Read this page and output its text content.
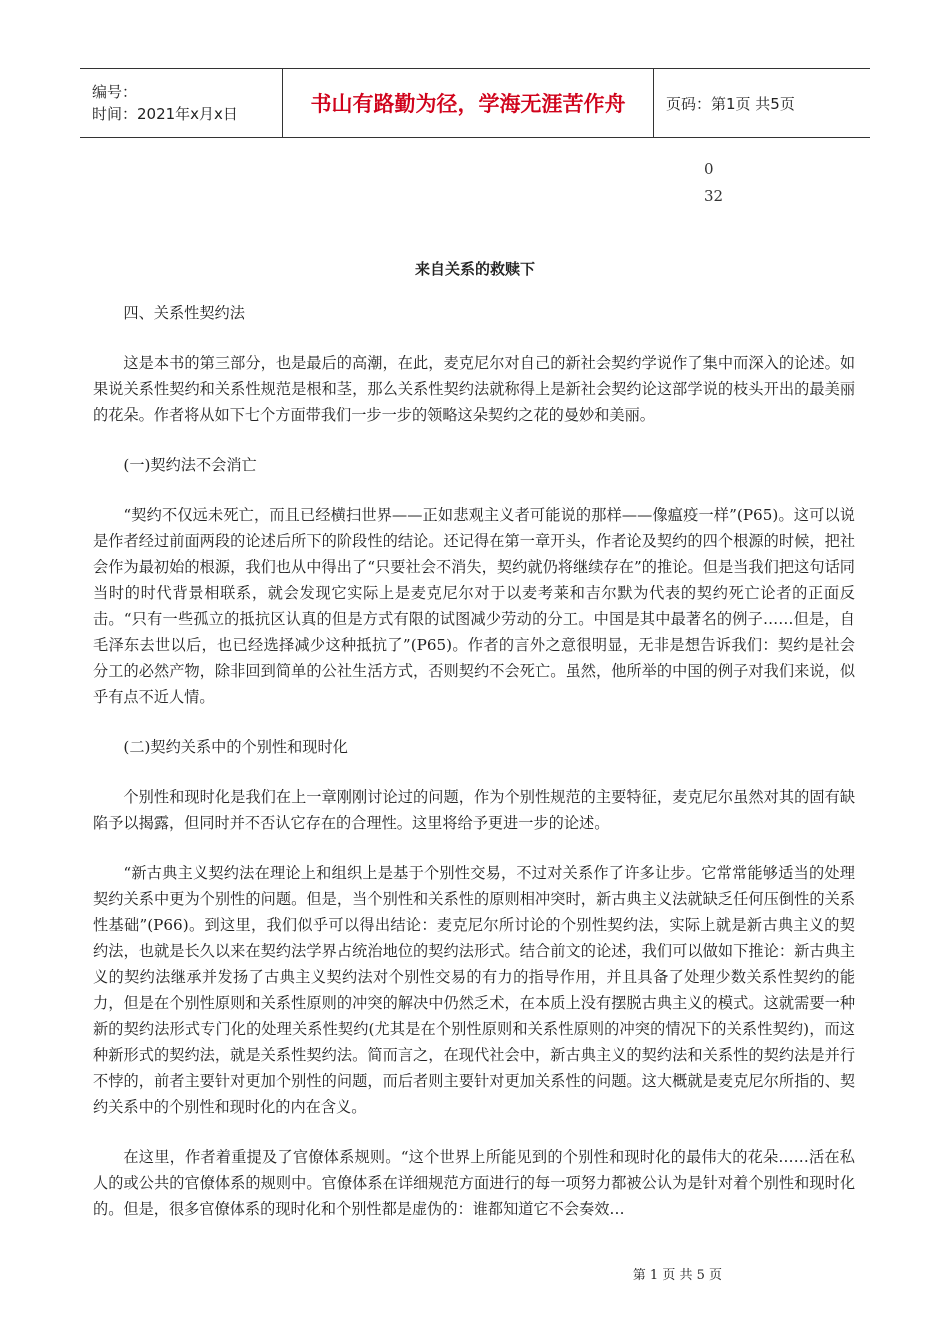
编号：
时间：2021年x月x日	书山有路勤为径，学海无涯苦作舟	页码：第1页 共5页
0
32
来自关系的救赎下

四、关系性契约法

这是本书的第三部分，也是最后的高潮，在此，麦克尼尔对自己的新社会契约学说作了集中而深入的论述。如果说关系性契约和关系性规范是根和茎，那么关系性契约法就称得上是新社会契约论这部学说的枝头开出的最美丽的花朵。作者将从如下七个方面带我们一步一步的领略这朵契约之花的曼妙和美丽。

(一)契约法不会消亡

“契约不仅远未死亡，而且已经横扫世界——正如悲观主义者可能说的那样——像瘟疫一样”(P65)。这可以说是作者经过前面两段的论述后所下的阶段性的结论。还记得在第一章开头，作者论及契约的四个根源的时候，把社会作为最初始的根源，我们也从中得出了“只要社会不消失，契约就仍将继续存在”的推论。但是当我们把这句话同当时的时代背景相联系，就会发现它实际上是麦克尼尔对于以麦考莱和吉尔默为代表的契约死亡论者的正面反击。“只有一些孤立的抵抗区认真的但是方式有限的试图减少劳动的分工。中国是其中最著名的例子……但是，自毛泽东去世以后，也已经选择减少这种抵抗了”(P65)。作者的言外之意很明显，无非是想告诉我们：契约是社会分工的必然产物，除非回到简单的公社生活方式，否则契约不会死亡。虽然，他所举的中国的例子对我们来说，似乎有点不近人情。

(二)契约关系中的个别性和现时化

个别性和现时化是我们在上一章刚刚讨论过的问题，作为个别性规范的主要特征，麦克尼尔虽然对其的固有缺陷予以揭露，但同时并不否认它存在的合理性。这里将给予更进一步的论述。

“新古典主义契约法在理论上和组织上是基于个别性交易，不过对关系作了许多让步。它常常能够适当的处理契约关系中更为个别性的问题。但是，当个别性和关系性的原则相冲突时，新古典主义法就缺乏任何压倒性的关系性基础”(P66)。到这里，我们似乎可以得出结论：麦克尼尔所讨论的个别性契约法，实际上就是新古典主义的契约法，也就是长久以来在契约法学界占统治地位的契约法形式。结合前文的论述，我们可以做如下推论：新古典主义的契约法继承并发扬了古典主义契约法对个别性交易的有力的指导作用，并且具备了处理少数关系性契约的能力，但是在个别性原则和关系性原则的冲突的解决中仍然乏术，在本质上没有摆脱古典主义的模式。这就需要一种新的契约法形式专门化的处理关系性契约(尤其是在个别性原则和关系性原则的冲突的情况下的关系性契约)，而这种新形式的契约法，就是关系性契约法。简而言之，在现代社会中，新古典主义的契约法和关系性的契约法是并行不悖的，前者主要针对更加个别性的问题，而后者则主要针对更加关系性的问题。这大概就是麦克尼尔所指的、契约关系中的个别性和现时化的内在含义。

在这里，作者着重提及了官僚体系规则。“这个世界上所能见到的个别性和现时化的最伟大的花朵……活在私人的或公共的官僚体系的规则中。官僚体系在详细规范方面进行的每一项努力都被公认为是针对着个别性和现时化的。但是，很多官僚体系的现时化和个别性都是虚伪的：谁都知道它不会奏效…

第 1 页 共 5 页
